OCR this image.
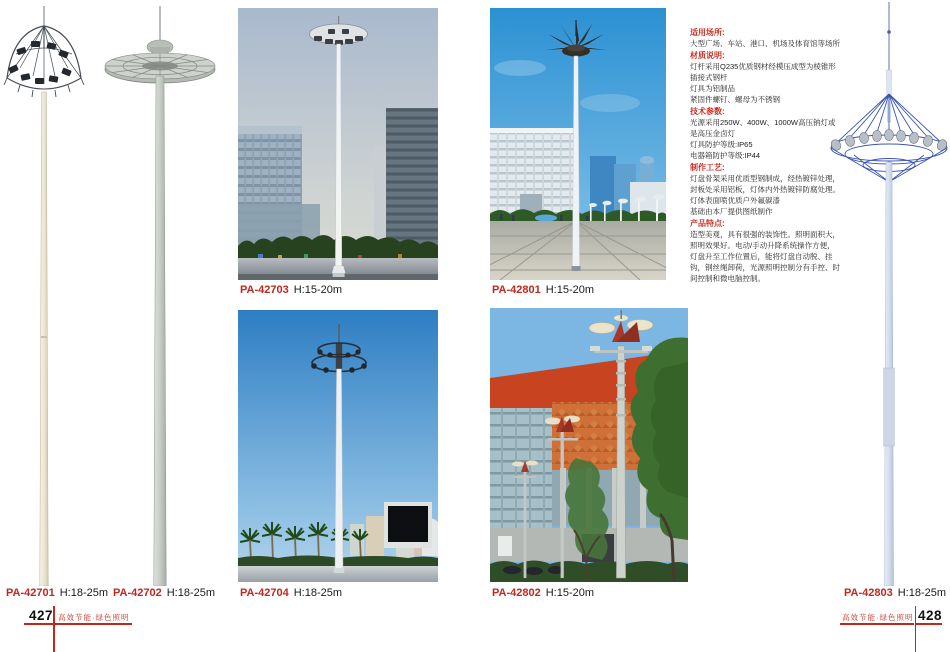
适用场所:
大型广场、车站、港口、机场及体育馆等场所
材质说明:
灯杆采用Q235优质钢材经模压成型为棱锥形插接式钢杆
灯具为铝制品
紧固件螺钉、螺母为不锈钢
技术参数:
光源采用250W、400W、1000W高压钠灯或是高压金卤灯
灯具防护等级:IP65
电器箱防护等级:IP44
制作工艺:
灯盘骨架采用优质型钢制成，经热镀锌处理，封板处采用铝板，灯体内外热镀锌防腐处理。灯体表面喷优质户外氟碳漆
基础由本厂提供图纸制作
产品特点:
造型美观，具有很强的装饰性。照明面积大，照明效果好。电动/手动升降系统操作方便，灯盘升至工作位置后，能将灯盘自动脱、挂钩，钢丝绳卸荷，光源照明控制分有手控、时间控制和微电脑控制。
PA-42701 H:18-25m PA-42702 H:18-25m
PA-42703 H:15-20m
PA-42704 H:18-25m
PA-42801 H:15-20m
PA-42802 H:15-20m	PA-42803 H:18-25m
427 高效节能·绿色照明	高效节能·绿色照明 428
